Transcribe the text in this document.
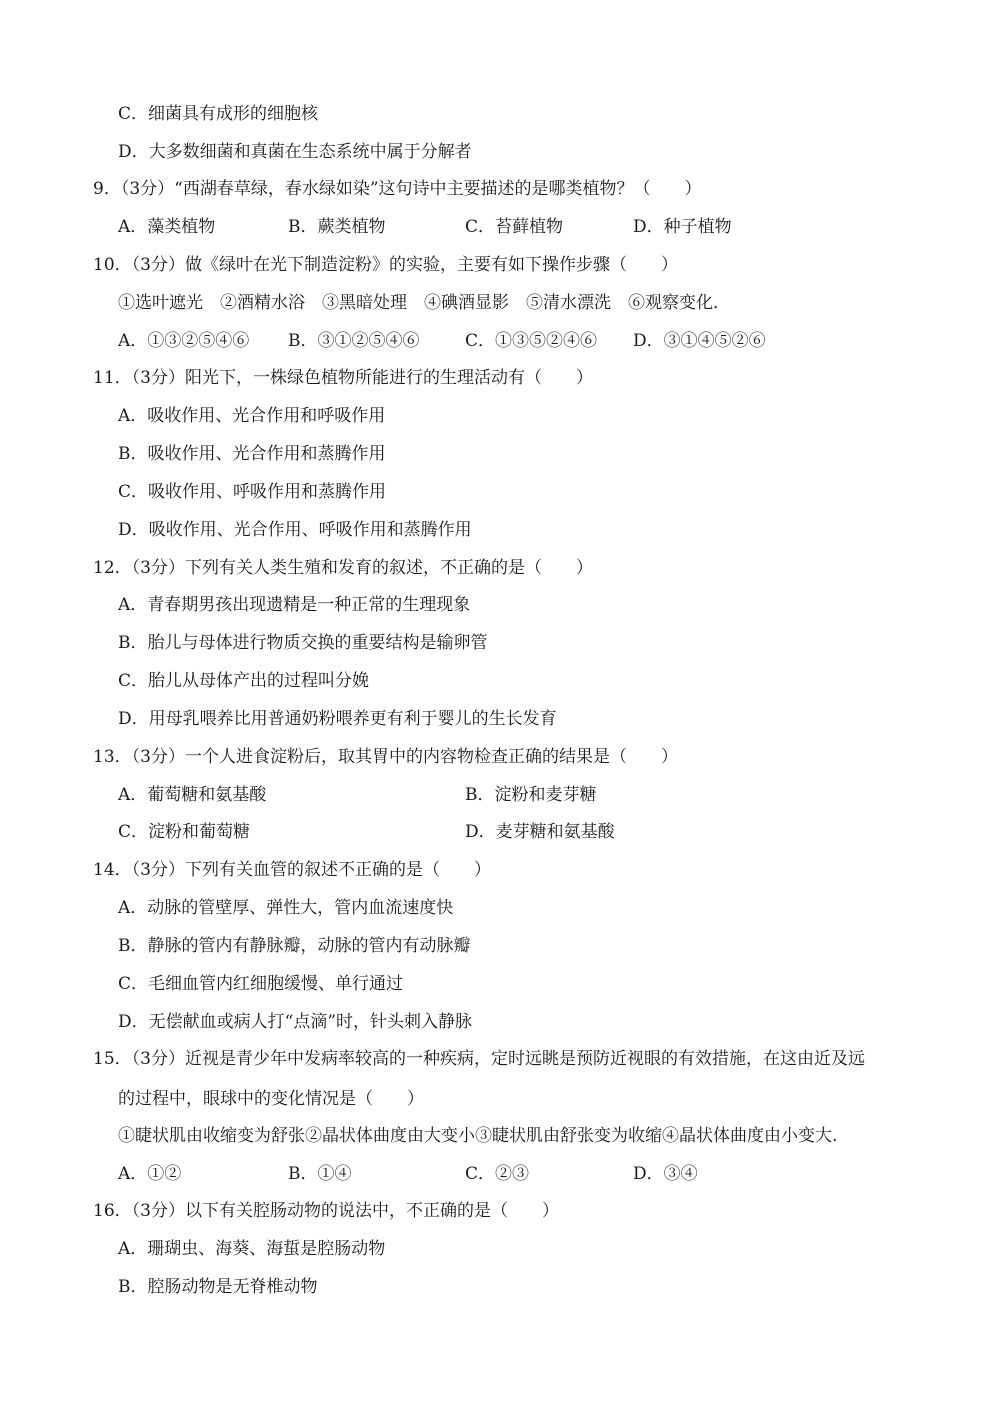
C．细菌具有成形的细胞核
D．大多数细菌和真菌在生态系统中属于分解者
9．（3分）“西湖春草绿，春水绿如染”这句诗中主要描述的是哪类植物？（　　）
A．藻类植物	B．蕨类植物	C．苔藓植物	D．种子植物
10．（3分）做《绿叶在光下制造淀粉》的实验，主要有如下操作步骤（　　）
①选叶遮光　②酒精水浴　③黑暗处理　④碘酒显影　⑤清水漂洗　⑥观察变化．
A．①③②⑤④⑥ B．③①②⑤④⑥	C．①③⑤②④⑥ D．③①④⑤②⑥
11．（3分）阳光下，一株绿色植物所能进行的生理活动有（　　）
A．吸收作用、光合作用和呼吸作用
B．吸收作用、光合作用和蒸腾作用
C．吸收作用、呼吸作用和蒸腾作用
D．吸收作用、光合作用、呼吸作用和蒸腾作用
12．（3分）下列有关人类生殖和发育的叙述，不正确的是（　　）
A．青春期男孩出现遗精是一种正常的生理现象
B．胎儿与母体进行物质交换的重要结构是输卵管
C．胎儿从母体产出的过程叫分娩
D．用母乳喂养比用普通奶粉喂养更有利于婴儿的生长发育
13．（3分）一个人进食淀粉后，取其胃中的内容物检查正确的结果是（　　）
A．葡萄糖和氨基酸	B．淀粉和麦芽糖
C．淀粉和葡萄糖	D．麦芽糖和氨基酸
14．（3分）下列有关血管的叙述不正确的是（　　）
A．动脉的管壁厚、弹性大，管内血流速度快
B．静脉的管内有静脉瓣，动脉的管内有动脉瓣
C．毛细血管内红细胞缓慢、单行通过
D．无偿献血或病人打“点滴”时，针头刺入静脉
15．（3分）近视是青少年中发病率较高的一种疾病，定时远眺是预防近视眼的有效措施，在这由近及远
的过程中，眼球中的变化情况是（　　）
①睫状肌由收缩变为舒张②晶状体曲度由大变小③睫状肌由舒张变为收缩④晶状体曲度由小变大.
A．①②	B．①④	C．②③	D．③④
16．（3分）以下有关腔肠动物的说法中，不正确的是（　　）
A．珊瑚虫、海葵、海蜇是腔肠动物
B．腔肠动物是无脊椎动物
